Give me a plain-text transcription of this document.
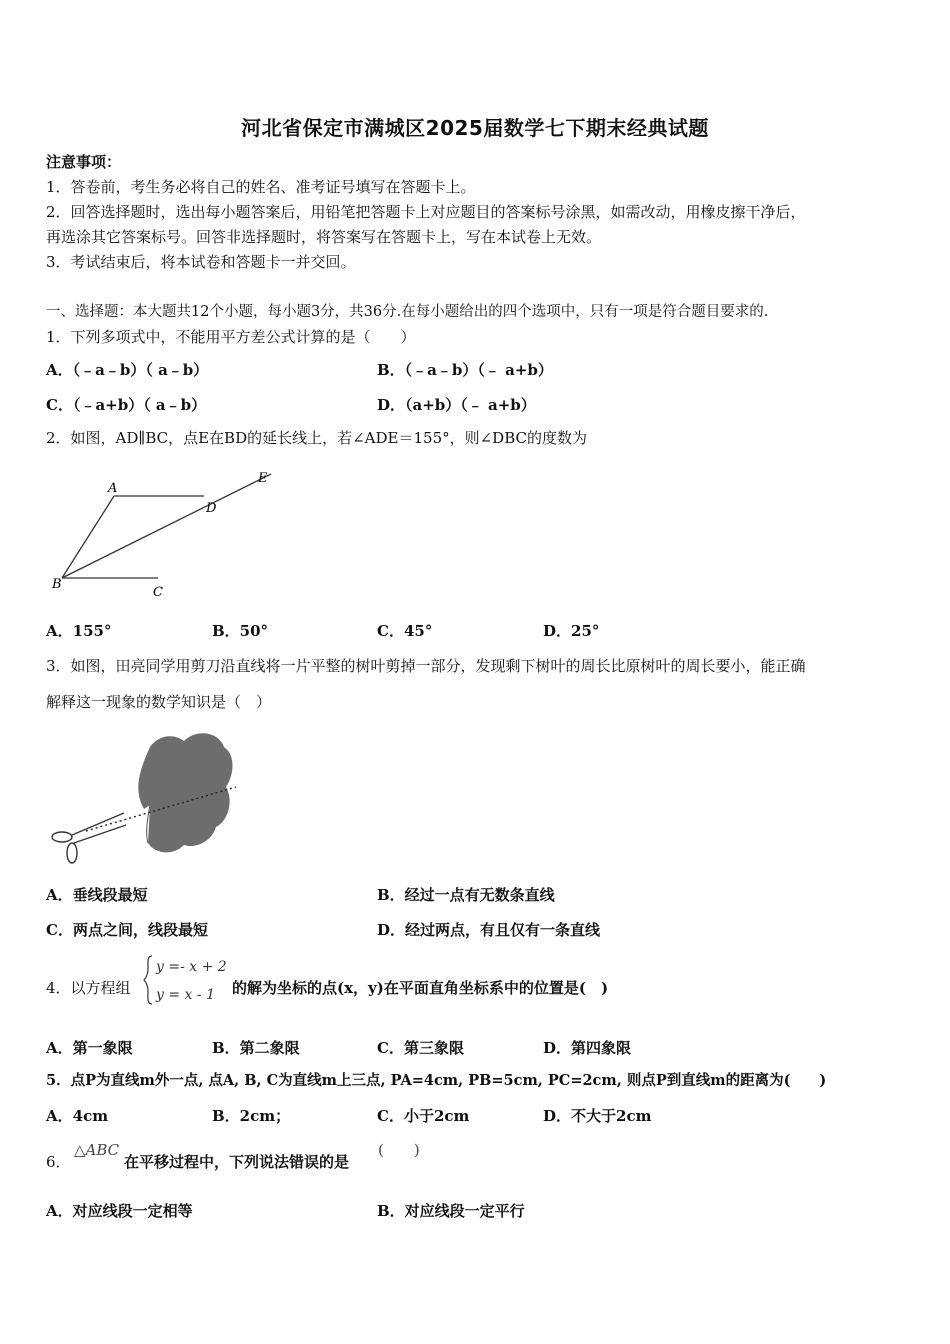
河北省保定市满城区2025届数学七下期末经典试题
注意事项：
1．答卷前，考生务必将自己的姓名、准考证号填写在答题卡上。
2．回答选择题时，选出每小题答案后，用铅笔把答题卡上对应题目的答案标号涂黑，如需改动，用橡皮擦干净后，
再选涂其它答案标号。回答非选择题时，将答案写在答题卡上，写在本试卷上无效。
3．考试结束后，将本试卷和答题卡一并交回。
一、选择题：本大题共12个小题，每小题3分，共36分.在每小题给出的四个选项中，只有一项是符合题目要求的.
1．下列多项式中，不能用平方差公式计算的是（　　）
A．（﹣a﹣b）（ a﹣b）	B．（﹣a﹣b）（﹣ a+b）
C．（﹣a+b）（ a﹣b）	D．（a+b）（﹣ a+b）
2．如图，AD∥BC，点E在BD的延长线上，若∠ADE＝155°，则∠DBC的度数为
A
D
E
B
C
A．155°	B．50°	C．45°	D．25°
3．如图，田亮同学用剪刀沿直线将一片平整的树叶剪掉一部分，发现剩下树叶的周长比原树叶的周长要小，能正确
解释这一现象的数学知识是（　）
A．垂线段最短	B．经过一点有无数条直线
C．两点之间，线段最短	D．经过两点，有且仅有一条直线
4．以方程组
y =- x + 2
y = x - 1 的解为坐标的点(x，y)在平面直角坐标系中的位置是(　)
A．第一象限	B．第二象限	C．第三象限	D．第四象限
5．点P为直线m外一点, 点A, B, C为直线m上三点, PA=4cm, PB=5cm, PC=2cm, 则点P到直线m的距离为(　　)
A．4cm	B．2cm；	C．小于2cm	D．不大于2cm
6．
△ABC
在平移过程中，下列说法错误的是
(　　)
A．对应线段一定相等	B．对应线段一定平行
